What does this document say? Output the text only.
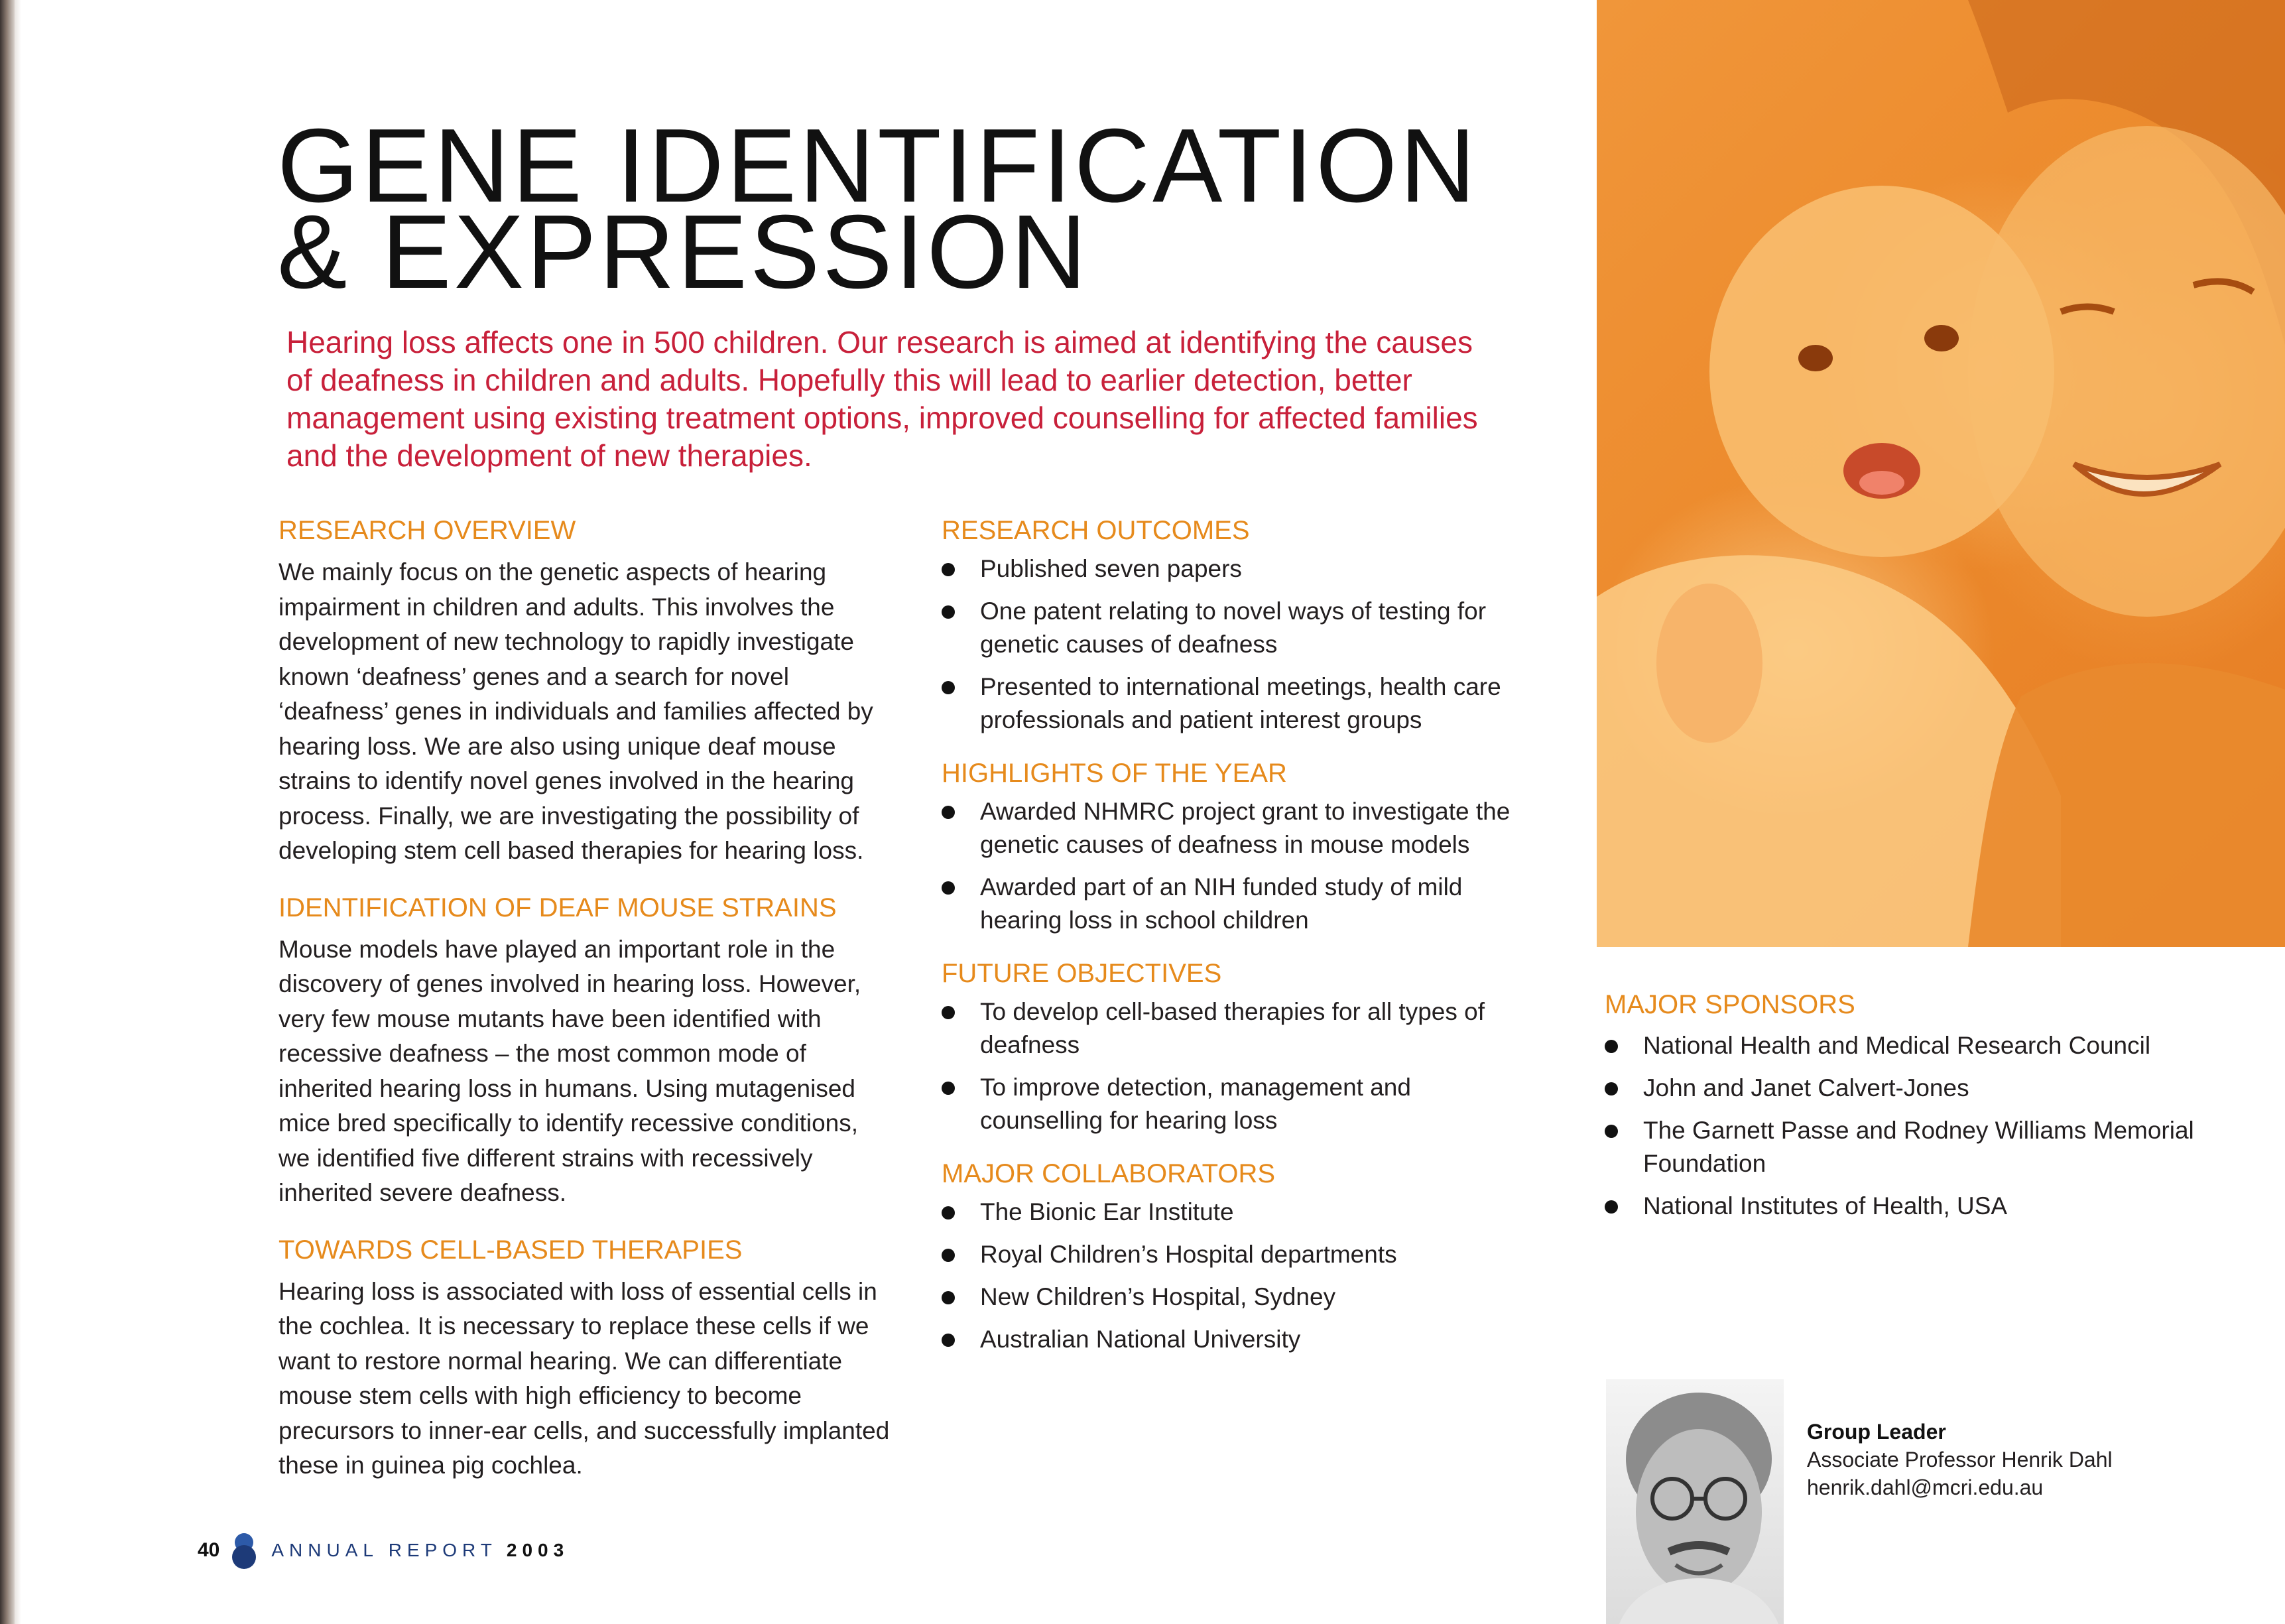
GENE IDENTIFICATION
& EXPRESSION

Hearing loss affects one in 500 children. Our research is aimed at identifying the causes of deafness in children and adults. Hopefully this will lead to earlier detection, better management using existing treatment options, improved counselling for affected families and the development of new therapies.

RESEARCH OVERVIEW

We mainly focus on the genetic aspects of hearing impairment in children and adults. This involves the development of new technology to rapidly investigate known ‘deafness’ genes and a search for novel ‘deafness’ genes in individuals and families affected by hearing loss. We are also using unique deaf mouse strains to identify novel genes involved in the hearing process. Finally, we are investigating the possibility of developing stem cell based therapies for hearing loss.

IDENTIFICATION OF DEAF MOUSE STRAINS

Mouse models have played an important role in the discovery of genes involved in hearing loss. However, very few mouse mutants have been identified with recessive deafness – the most common mode of inherited hearing loss in humans. Using mutagenised mice bred specifically to identify recessive conditions, we identified five different strains with recessively inherited severe deafness.

TOWARDS CELL-BASED THERAPIES

Hearing loss is associated with loss of essential cells in the cochlea. It is necessary to replace these cells if we want to restore normal hearing. We can differentiate mouse stem cells with high efficiency to become precursors to inner-ear cells, and successfully implanted these in guinea pig cochlea.

RESEARCH OUTCOMES
Published seven papers
One patent relating to novel ways of testing for genetic causes of deafness
Presented to international meetings, health care professionals and patient interest groups
HIGHLIGHTS OF THE YEAR
Awarded NHMRC project grant to investigate the genetic causes of deafness in mouse models
Awarded part of an NIH funded study of mild hearing loss in school children
FUTURE OBJECTIVES
To develop cell-based therapies for all types of deafness
To improve detection, management and counselling for hearing loss
MAJOR COLLABORATORS
The Bionic Ear Institute
Royal Children’s Hospital departments
New Children’s Hospital, Sydney
Australian National University
MAJOR SPONSORS
National Health and Medical Research Council
John and Janet Calvert-Jones
The Garnett Passe and Rodney Williams Memorial Foundation
National Institutes of Health, USA
Group Leader
Associate Professor Henrik Dahl
henrik.dahl@mcri.edu.au
40	ANNUAL REPORT 2003
